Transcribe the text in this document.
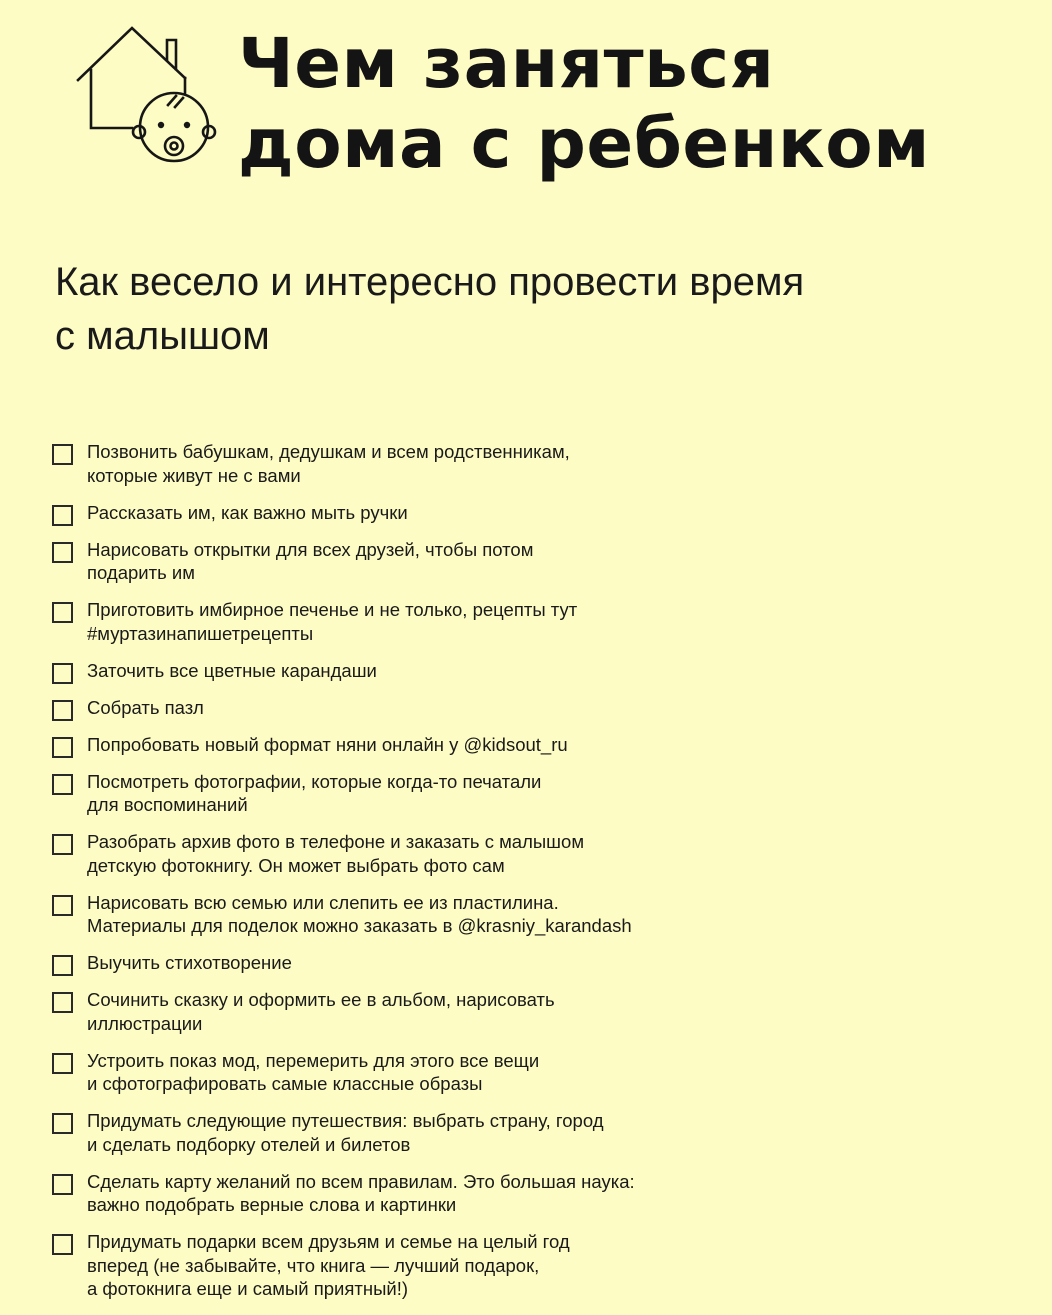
Чем заняться
дома с ребенком
Как весело и интересно провести время
с малышом
Позвонить бабушкам, дедушкам и всем родственникам,
которые живут не с вами
Рассказать им, как важно мыть ручки
Нарисовать открытки для всех друзей, чтобы потом
подарить им
Приготовить имбирное печенье и не только, рецепты тут
#муртазинапишетрецепты
Заточить все цветные карандаши
Собрать пазл
Попробовать новый формат няни онлайн у @kidsout_ru
Посмотреть фотографии, которые когда-то печатали
для воспоминаний
Разобрать архив фото в телефоне и заказать с малышом
детскую фотокнигу. Он может выбрать фото сам
Нарисовать всю семью или слепить ее из пластилина.
Материалы для поделок можно заказать в @krasniy_karandash
Выучить стихотворение
Сочинить сказку и оформить ее в альбом, нарисовать
иллюстрации
Устроить показ мод, перемерить для этого все вещи
и сфотографировать самые классные образы
Придумать следующие путешествия: выбрать страну, город
и сделать подборку отелей и билетов
Сделать карту желаний по всем правилам. Это большая наука:
важно подобрать верные слова и картинки
Придумать подарки всем друзьям и семье на целый год
вперед (не забывайте, что книга — лучший подарок,
а фотокнига еще и самый приятный!)
